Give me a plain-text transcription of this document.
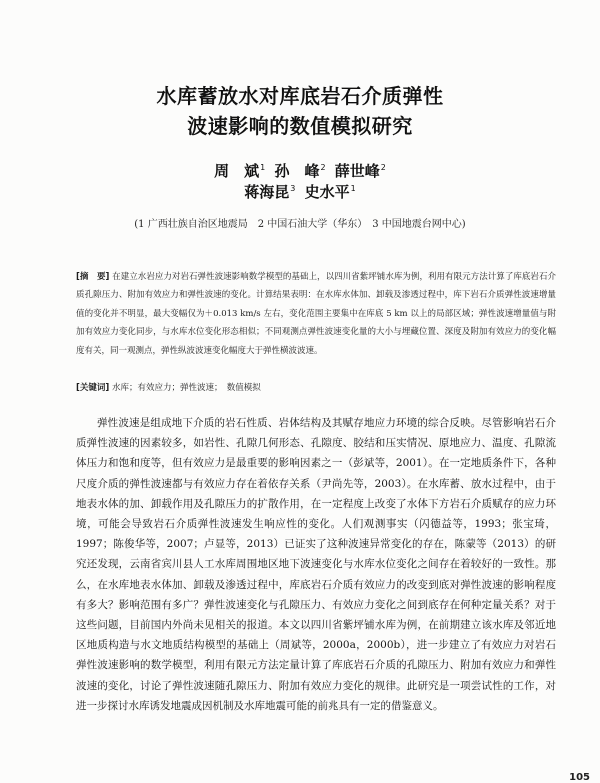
水库蓄放水对库底岩石介质弹性
波速影响的数值模拟研究
周　斌$^1$ 孙　峰$^2$ 薛世峰$^2$
蒋海昆$^3$ 史水平$^1$
(1 广西壮族自治区地震局　2 中国石油大学（华东）　3 中国地震台网中心)
[摘　要] 在建立水岩应力对岩石弹性波速影响数学模型的基础上，以四川省紫坪铺水库为例，利用有限元方法计算了库底岩石介质孔隙压力、附加有效应力和弹性波速的变化。计算结果表明：在水库水体加、卸载及渗透过程中，库下岩石介质弹性波速增量值的变化并不明显，最大变幅仅为＋0.013 km/s 左右，变化范围主要集中在库底 5 km 以上的局部区域；弹性波速增量值与附加有效应力变化同步，与水库水位变化形态相似；不同观测点弹性波速变化量的大小与埋藏位置、深度及附加有效应力的变化幅度有关，同一观测点，弹性纵波波速变化幅度大于弹性横波波速。
[关键词] 水库；有效应力；弹性波速；　数值模拟
弹性波速是组成地下介质的岩石性质、岩体结构及其赋存地应力环境的综合反映。尽管影响岩石介质弹性波速的因素较多，如岩性、孔隙几何形态、孔隙度、胶结和压实情况、原地应力、温度、孔隙流体压力和饱和度等，但有效应力是最重要的影响因素之一（彭斌等，2001）。在一定地质条件下，各种尺度介质的弹性波速都与有效应力存在着依存关系（尹尚先等，2003）。在水库蓄、放水过程中，由于地表水体的加、卸载作用及孔隙压力的扩散作用，在一定程度上改变了水体下方岩石介质赋存的应力环境，可能会导致岩石介质弹性波速发生响应性的变化。人们观测事实（闪德益等，1993；张宝琦，1997；陈俊华等，2007；卢显等，2013）已证实了这种波速异常变化的存在，陈蒙等（2013）的研究还发现，云南省宾川县人工水库周围地区地下波速变化与水库水位变化之间存在着较好的一致性。那么，在水库地表水体加、卸载及渗透过程中，库底岩石介质有效应力的改变到底对弹性波速的影响程度有多大？影响范围有多广？弹性波速变化与孔隙压力、有效应力变化之间到底存在何种定量关系？对于这些问题，目前国内外尚未见相关的报道。本文以四川省紫坪铺水库为例，在前期建立该水库及邻近地区地质构造与水文地质结构模型的基础上（周斌等，2000a，2000b），进一步建立了有效应力对岩石弹性波速影响的数学模型，利用有限元方法定量计算了库底岩石介质的孔隙压力、附加有效应力和弹性波速的变化，讨论了弹性波速随孔隙压力、附加有效应力变化的规律。此研究是一项尝试性的工作，对进一步探讨水库诱发地震成因机制及水库地震可能的前兆具有一定的借鉴意义。
105
